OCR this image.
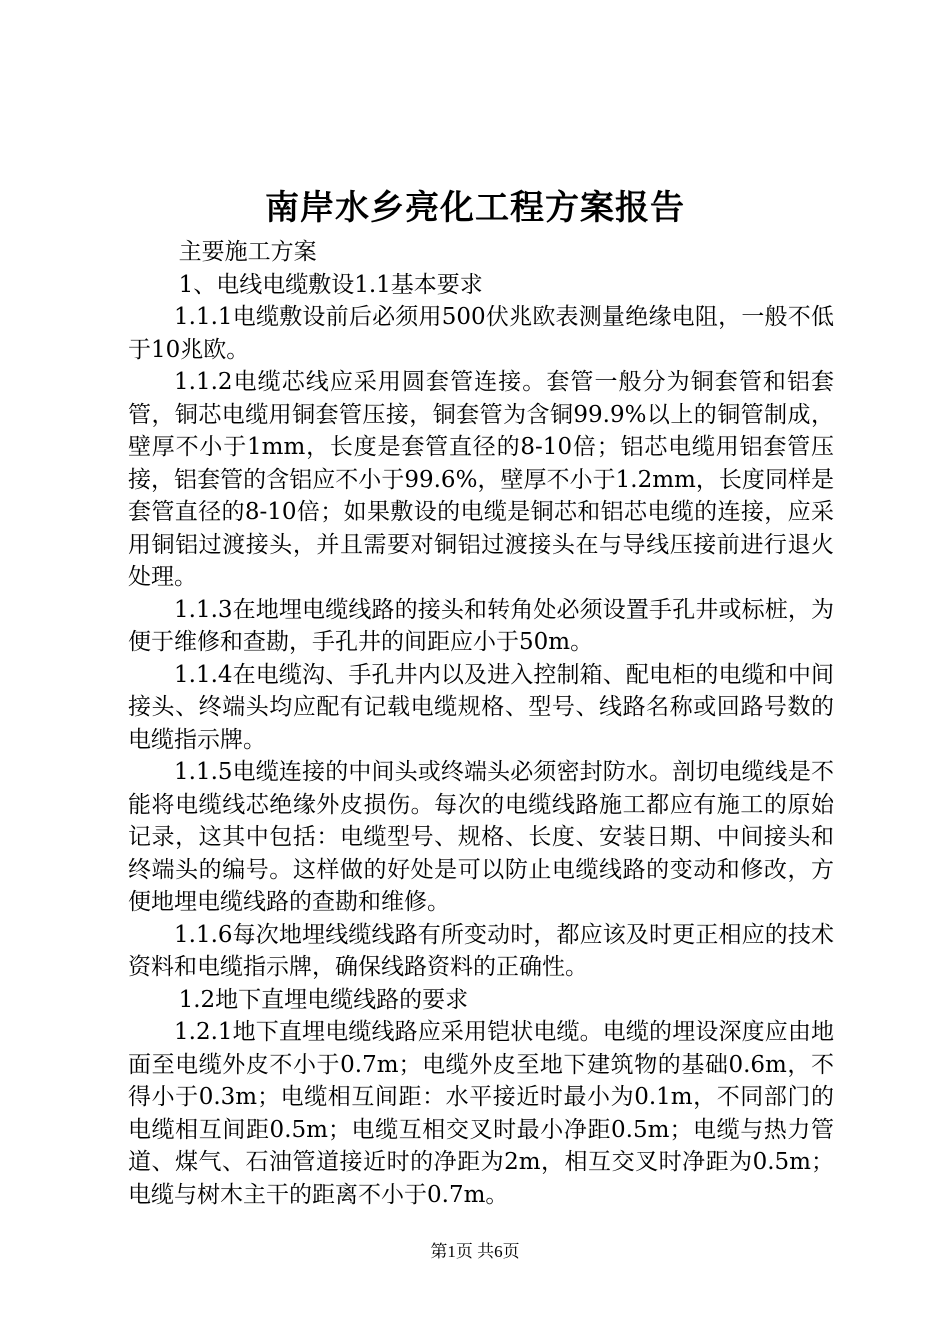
南岸水乡亮化工程方案报告

主要施工方案

1、电线电缆敷设1.1基本要求

1.1.1电缆敷设前后必须用500伏兆欧表测量绝缘电阻，一般不低于10兆欧。

1.1.2电缆芯线应采用圆套管连接。套管一般分为铜套管和铝套管，铜芯电缆用铜套管压接，铜套管为含铜99.9%以上的铜管制成，壁厚不小于1mm，长度是套管直径的8-10倍；铝芯电缆用铝套管压接，铝套管的含铝应不小于99.6%，壁厚不小于1.2mm，长度同样是套管直径的8-10倍；如果敷设的电缆是铜芯和铝芯电缆的连接，应采用铜铝过渡接头，并且需要对铜铝过渡接头在与导线压接前进行退火处理。

1.1.3在地埋电缆线路的接头和转角处必须设置手孔井或标桩，为便于维修和查勘，手孔井的间距应小于50m。

1.1.4在电缆沟、手孔井内以及进入控制箱、配电柜的电缆和中间接头、终端头均应配有记载电缆规格、型号、线路名称或回路号数的电缆指示牌。

1.1.5电缆连接的中间头或终端头必须密封防水。剖切电缆线是不能将电缆线芯绝缘外皮损伤。每次的电缆线路施工都应有施工的原始记录，这其中包括：电缆型号、规格、长度、安装日期、中间接头和终端头的编号。这样做的好处是可以防止电缆线路的变动和修改，方便地埋电缆线路的查勘和维修。

1.1.6每次地埋线缆线路有所变动时，都应该及时更正相应的技术资料和电缆指示牌，确保线路资料的正确性。

1.2地下直埋电缆线路的要求

1.2.1地下直埋电缆线路应采用铠状电缆。电缆的埋设深度应由地面至电缆外皮不小于0.7m；电缆外皮至地下建筑物的基础0.6m，不得小于0.3m；电缆相互间距：水平接近时最小为0.1m，不同部门的电缆相互间距0.5m；电缆互相交叉时最小净距0.5m；电缆与热力管道、煤气、石油管道接近时的净距为2m，相互交叉时净距为0.5m；电缆与树木主干的距离不小于0.7m。

第1页 共6页
